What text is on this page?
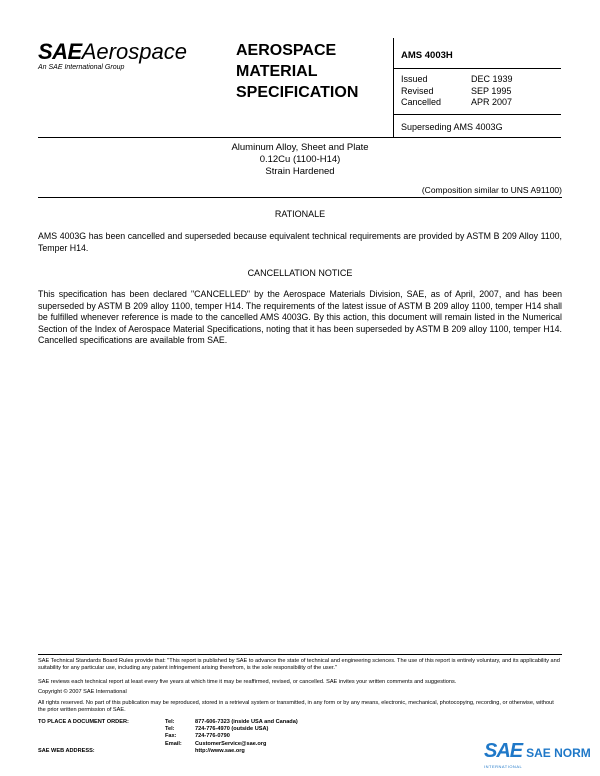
SAEAerospace
An SAE International Group
AEROSPACE
MATERIAL
SPECIFICATION
AMS 4003H
Issued	DEC 1939
Revised	SEP 1995
Cancelled	APR 2007
Superseding AMS 4003G
Aluminum Alloy, Sheet and Plate
0.12Cu (1100-H14)
Strain Hardened
(Composition similar to UNS A91100)
RATIONALE
AMS 4003G has been cancelled and superseded because equivalent technical requirements are provided by ASTM B 209 Alloy 1100, Temper H14.
CANCELLATION NOTICE
This specification has been declared "CANCELLED" by the Aerospace Materials Division, SAE, as of April, 2007, and has been superseded by ASTM B 209 alloy 1100, temper H14. The requirements of the latest issue of ASTM B 209 alloy 1100, temper H14 shall be fulfilled whenever reference is made to the cancelled AMS 4003G. By this action, this document will remain listed in the Numerical Section of the Index of Aerospace Material Specifications, noting that it has been superseded by ASTM B 209 alloy 1100, temper H14. Cancelled specifications are available from SAE.
SAE Technical Standards Board Rules provide that: "This report is published by SAE to advance the state of technical and engineering sciences. The use of this report is entirely voluntary, and its applicability and suitability for any particular use, including any patent infringement arising therefrom, is the sole responsibility of the user."
SAE reviews each technical report at least every five years at which time it may be reaffirmed, revised, or cancelled. SAE invites your written comments and suggestions.
Copyright © 2007 SAE International
All rights reserved. No part of this publication may be reproduced, stored in a retrieval system or transmitted, in any form or by any means, electronic, mechanical, photocopying, recording, or otherwise, without the prior written permission of SAE.
TO PLACE A DOCUMENT ORDER:	Tel:	877-606-7323 (inside USA and Canada)
Tel:	724-776-4970 (outside USA)
Fax:	724-776-0790
Email:	CustomerService@sae.org
SAE WEB ADDRESS:	http://www.sae.org	SAE SAE NORM
INTERNATIONAL
